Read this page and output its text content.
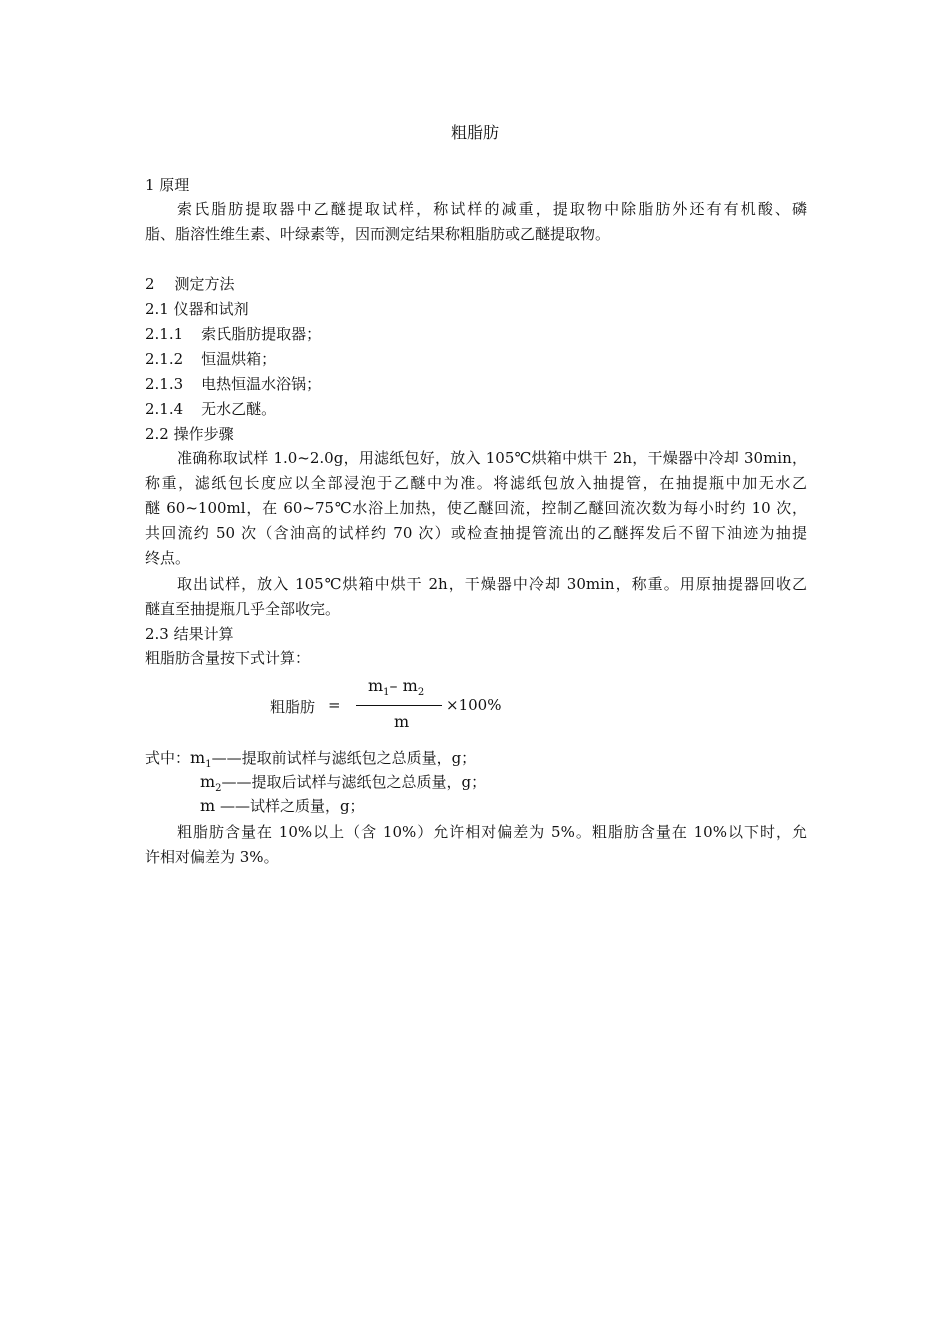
粗脂肪
1 原理
索氏脂肪提取器中乙醚提取试样，称试样的减重，提取物中除脂肪外还有有机酸、磷
脂、脂溶性维生素、叶绿素等，因而测定结果称粗脂肪或乙醚提取物。
2 测定方法
2.1 仪器和试剂
2.1.1 索氏脂肪提取器；
2.1.2 恒温烘箱；
2.1.3 电热恒温水浴锅；
2.1.4 无水乙醚。
2.2 操作步骤
准确称取试样 1.0~2.0g，用滤纸包好，放入 105℃烘箱中烘干 2h，干燥器中冷却 30min，
称重，滤纸包长度应以全部浸泡于乙醚中为准。将滤纸包放入抽提管，在抽提瓶中加无水乙
醚 60~100ml，在 60~75℃水浴上加热，使乙醚回流，控制乙醚回流次数为每小时约 10 次，
共回流约 50 次（含油高的试样约 70 次）或检查抽提管流出的乙醚挥发后不留下油迹为抽提
终点。
取出试样，放入 105℃烘箱中烘干 2h，干燥器中冷却 30min，称重。用原抽提器回收乙
醚直至抽提瓶几乎全部收完。
2.3 结果计算
粗脂肪含量按下式计算：
粗脂肪 =
$m_1-$ $m_2$
m
×100%
式中：$m_1——$提取前试样与滤纸包之总质量，g；
$m_2——$提取后试样与滤纸包之总质量，g；
m ——试样之质量，g；
粗脂肪含量在 10%以上（含 10%）允许相对偏差为 5%。粗脂肪含量在 10%以下时，允
许相对偏差为 3%。
